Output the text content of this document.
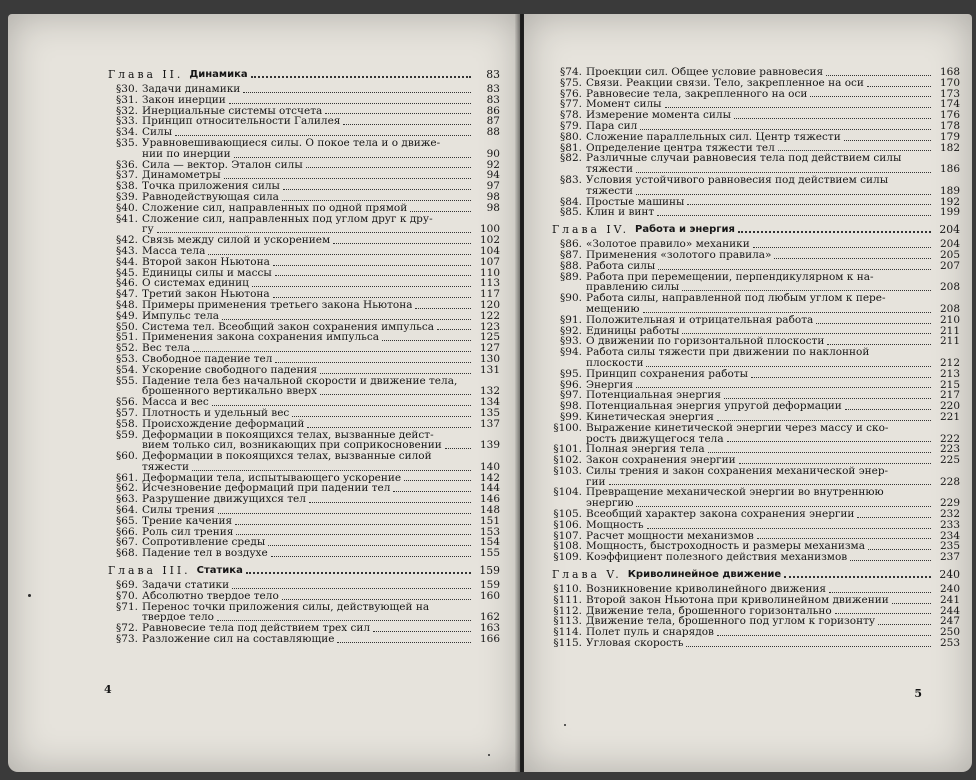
Глава II. Динамика	83
§30. Задачи динамики	83
§31. Закон инерции	83
§32. Инерциальные системы отсчета	86
§33. Принцип относительности Галилея	87
§34. Силы	88
§35. Уравновешивающиеся силы. О покое тела и о движе-
нии по инерции	90
§36. Сила — вектор. Эталон силы	92
§37. Динамометры	94
§38. Точка приложения силы	97
§39. Равнодействующая сила	98
§40. Сложение сил, направленных по одной прямой	98
§41. Сложение сил, направленных под углом друг к дру-
гу	100
§42. Связь между силой и ускорением	102
§43. Масса тела	104
§44. Второй закон Ньютона	107
§45. Единицы силы и массы	110
§46. О системах единиц	113
§47. Третий закон Ньютона	117
§48. Примеры применения третьего закона Ньютона	120
§49. Импульс тела	122
§50. Система тел. Всеобщий закон сохранения импульса	123
§51. Применения закона сохранения импульса	125
§52. Вес тела	127
§53. Свободное падение тел	130
§54. Ускорение свободного падения	131
§55. Падение тела без начальной скорости и движение тела,
брошенного вертикально вверх	132
§56. Масса и вес	134
§57. Плотность и удельный вес	135
§58. Происхождение деформаций	137
§59. Деформации в покоящихся телах, вызванные дейст-
вием только сил, возникающих при соприкосновении	139
§60. Деформации в покоящихся телах, вызванные силой
тяжести	140
§61. Деформации тела, испытывающего ускорение	142
§62. Исчезновение деформаций при падении тел	144
§63. Разрушение движущихся тел	146
§64. Силы трения	148
§65. Трение качения	151
§66. Роль сил трения	153
§67. Сопротивление среды	154
§68. Падение тел в воздухе	155
Глава III. Статика	159
§69. Задачи статики	159
§70. Абсолютно твердое тело	160
§71. Перенос точки приложения силы, действующей на
твердое тело	162
§72. Равновесие тела под действием трех сил	163
§73. Разложение сил на составляющие	166
4
§74. Проекции сил. Общее условие равновесия	168
§75. Связи. Реакции связи. Тело, закрепленное на оси	170
§76. Равновесие тела, закрепленного на оси	173
§77. Момент силы	174
§78. Измерение момента силы	176
§79. Пара сил	178
§80. Сложение параллельных сил. Центр тяжести	179
§81. Определение центра тяжести тел	182
§82. Различные случаи равновесия тела под действием силы
тяжести	186
§83. Условия устойчивого равновесия под действием силы
тяжести	189
§84. Простые машины	192
§85. Клин и винт	199
Глава IV. Работа и энергия	204
§86. «Золотое правило» механики	204
§87. Применения «золотого правила»	205
§88. Работа силы	207
§89. Работа при перемещении, перпендикулярном к на-
правлению силы	208
§90. Работа силы, направленной под любым углом к пере-
мещению	208
§91. Положительная и отрицательная работа	210
§92. Единицы работы	211
§93. О движении по горизонтальной плоскости	211
§94. Работа силы тяжести при движении по наклонной
плоскости	212
§95. Принцип сохранения работы	213
§96. Энергия	215
§97. Потенциальная энергия	217
§98. Потенциальная энергия упругой деформации	220
§99. Кинетическая энергия	221
§100. Выражение кинетической энергии через массу и ско-
рость движущегося тела	222
§101. Полная энергия тела	223
§102. Закон сохранения энергии	225
§103. Силы трения и закон сохранения механической энер-
гии	228
§104. Превращение механической энергии во внутреннюю
энергию	229
§105. Всеобщий характер закона сохранения энергии	232
§106. Мощность	233
§107. Расчет мощности механизмов	234
§108. Мощность, быстроходность и размеры механизма	235
§109. Коэффициент полезного действия механизмов	237
Глава V. Криволинейное движение	240
§110. Возникновение криволинейного движения	240
§111. Второй закон Ньютона при криволинейном движении	241
§112. Движение тела, брошенного горизонтально	244
§113. Движение тела, брошенного под углом к горизонту	247
§114. Полет пуль и снарядов	250
§115. Угловая скорость	253
5
